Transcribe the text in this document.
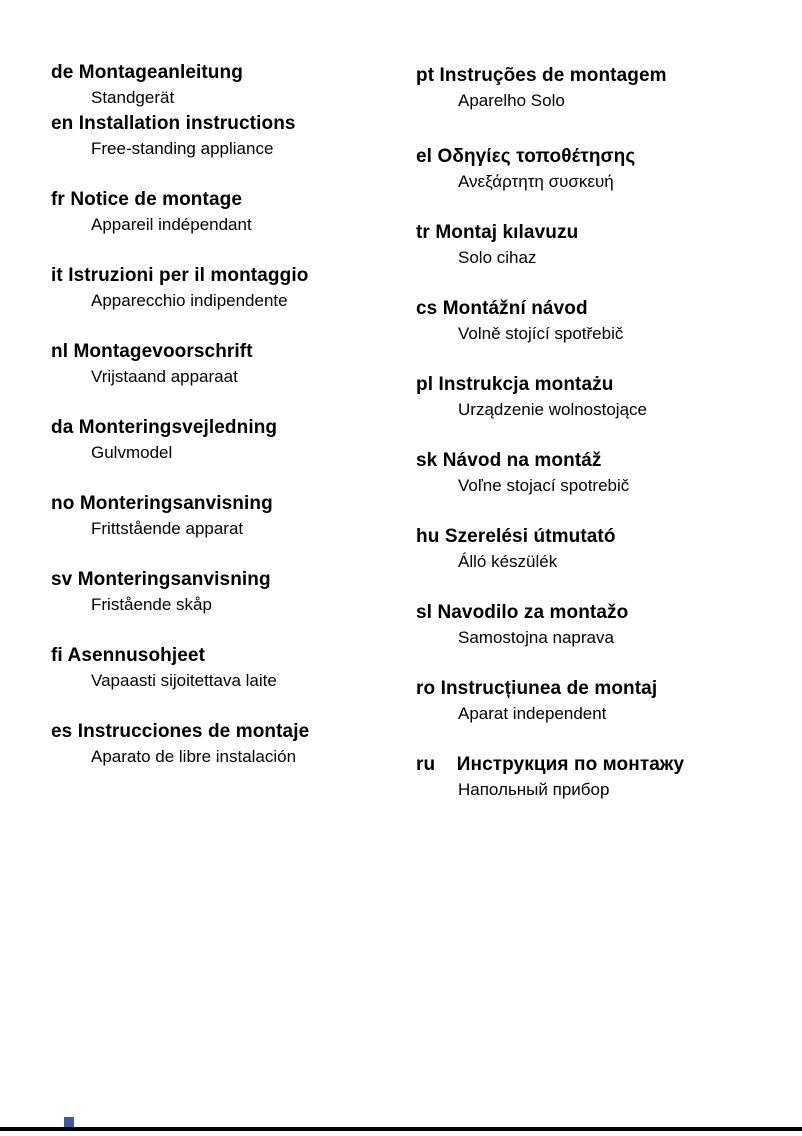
de Montageanleitung
Standgerät
en Installation instructions
Free-standing appliance
fr Notice de montage
Appareil indépendant
it Istruzioni per il montaggio
Apparecchio indipendente
nl Montagevoorschrift
Vrijstaand apparaat
da Monteringsvejledning
Gulvmodel
no Monteringsanvisning
Frittstående apparat
sv Monteringsanvisning
Fristående skåp
fi Asennusohjeet
Vapaasti sijoitettava laite
es Instrucciones de montaje
Aparato de libre instalación
pt Instruções de montagem
Aparelho Solo
el Οδηγίες τοποθέτησης
Ανεξάρτητη συσκευή
tr Montaj kılavuzu
Solo cihaz
cs Montážní návod
Volně stojící spotřebič
pl Instrukcja montażu
Urządzenie wolnostojące
sk Návod na montáž
Voľne stojací spotrebič
hu Szerelési útmutató
Álló készülék
sl Navodilo za montažo
Samostojna naprava
ro Instrucțiunea de montaj
Aparat independent
ru    Инструкция по монтажу
Напольный прибор
